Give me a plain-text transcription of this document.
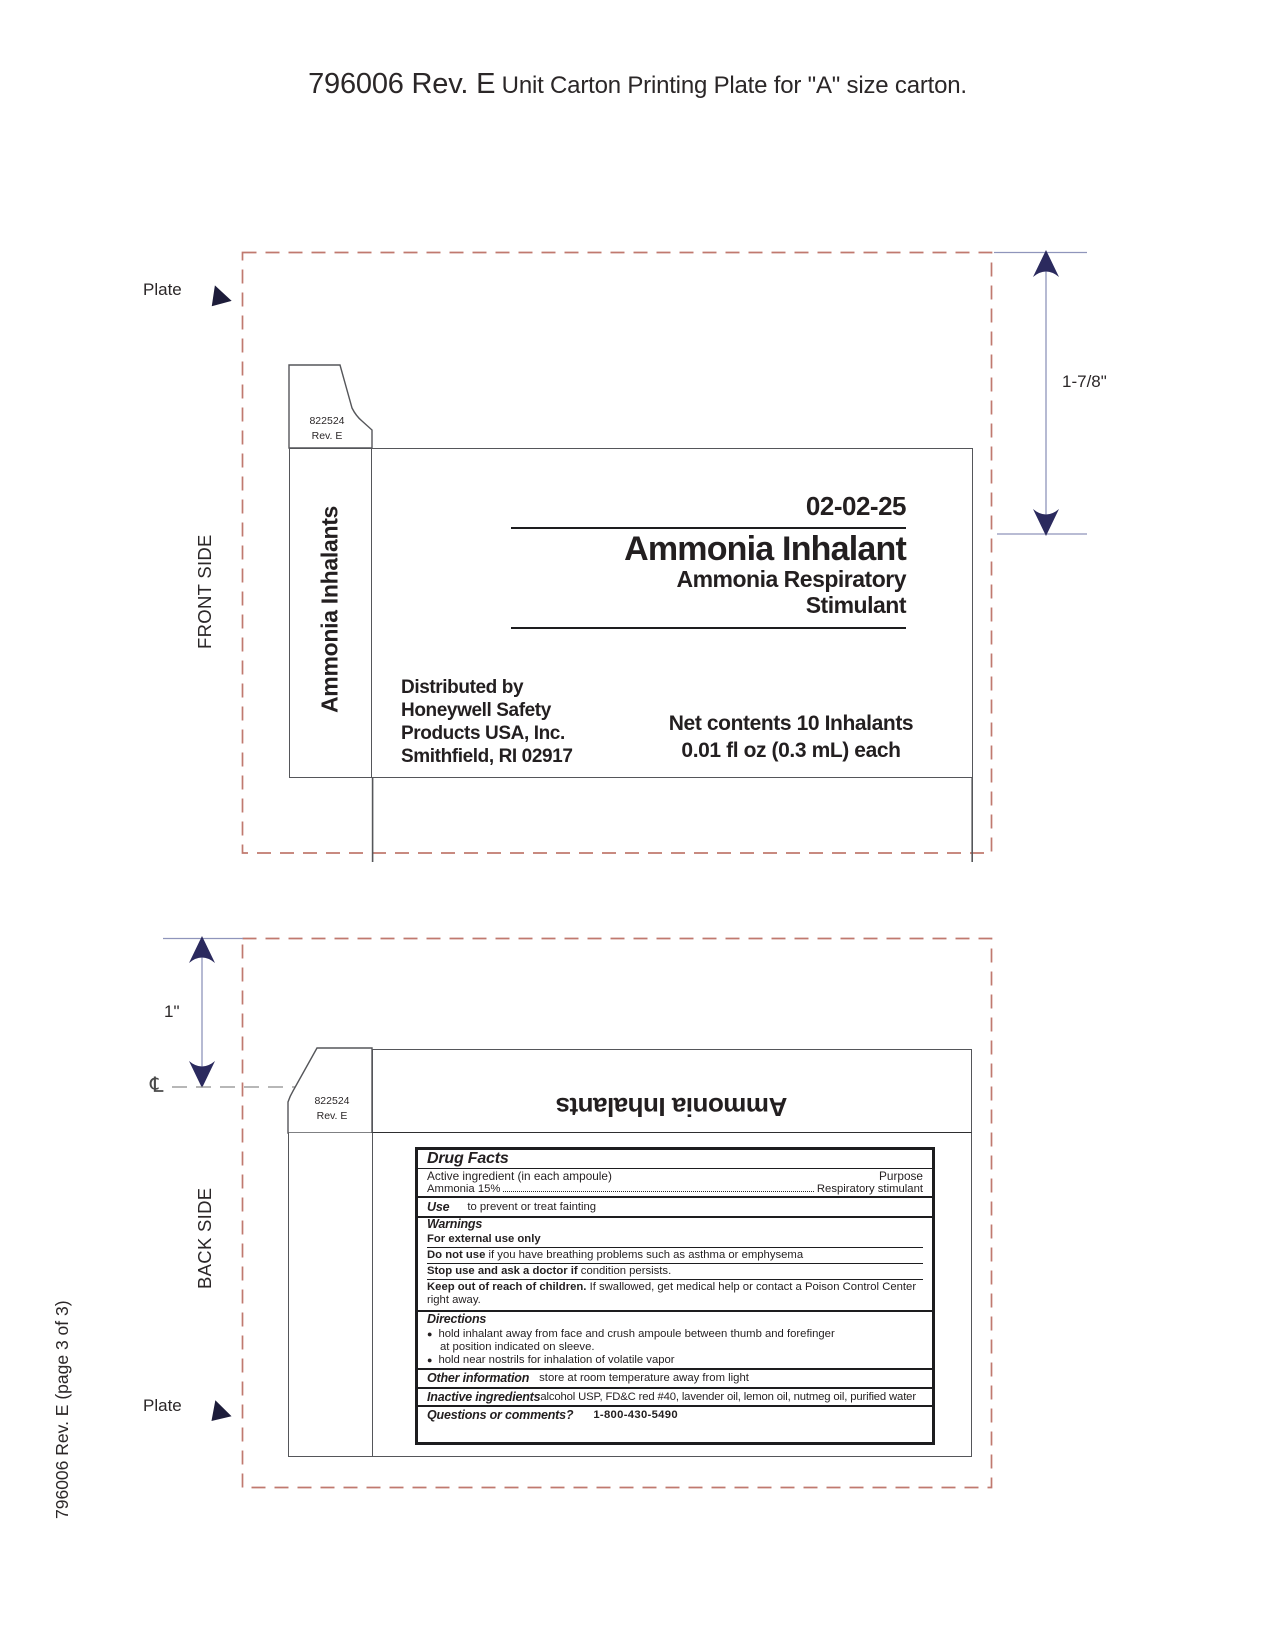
796006 Rev. E Unit Carton Printing Plate for "A" size carton.
Plate
FRONT SIDE
1-7/8"
1"
℄
BACK SIDE
Plate
796006 Rev. E (page 3 of 3)
822524
Rev. E
Ammonia Inhalants	02-02-25
Ammonia Inhalant
Ammonia Respiratory
Stimulant
Distributed by
Honeywell Safety
Products USA, Inc.
Smithfield, RI 02917
Net contents 10 Inhalants
0.01 fl oz (0.3 mL) each
822524
Rev. E	Ammonia Inhalants
Drug Facts
Active ingredient (in each ampoule)	Purpose
Ammonia 15%	Respiratory stimulant
Use to prevent or treat fainting
Warnings
For external use only
Do not use if you have breathing problems such as asthma or emphysema
Stop use and ask a doctor if condition persists.
Keep out of reach of children. If swallowed, get medical help or contact a Poison Control Center right away.
Directions
● hold inhalant away from face and crush ampoule between thumb and forefinger
at position indicated on sleeve.
● hold near nostrils for inhalation of volatile vapor
Other information store at room temperature away from light
Inactive ingredients alcohol USP, FD&C red #40, lavender oil, lemon oil, nutmeg oil, purified water
Questions or comments? 1-800-430-5490
